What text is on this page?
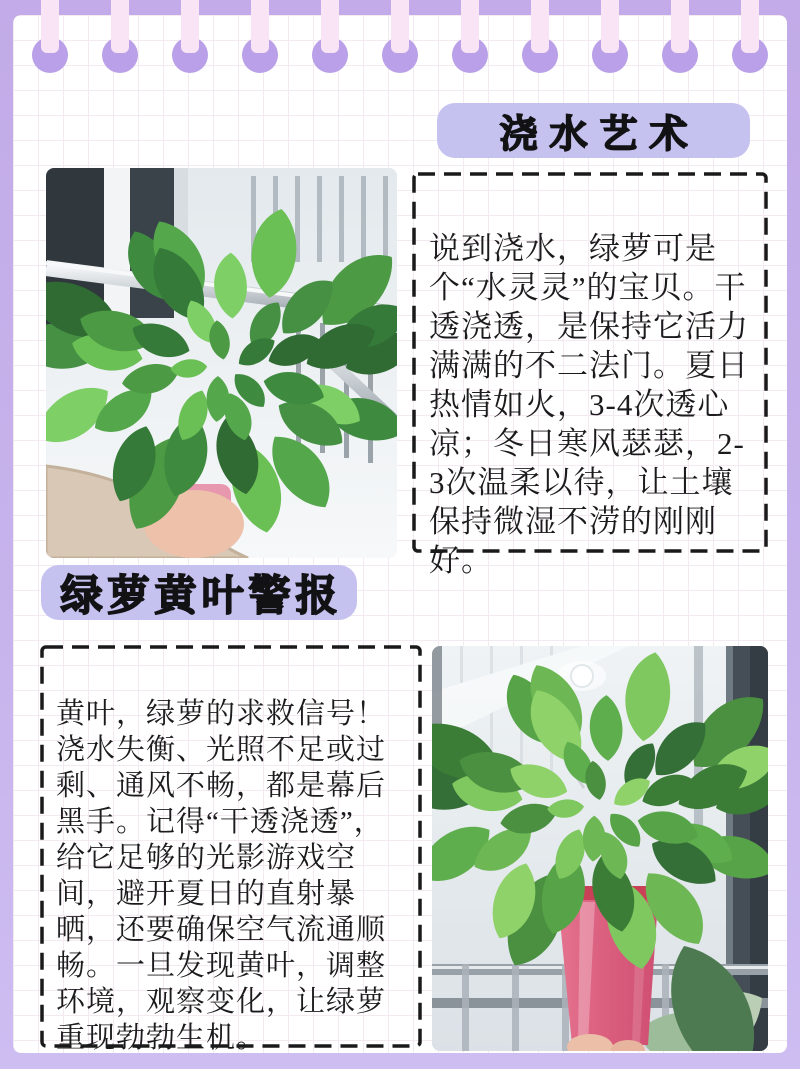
浇水艺术

说到浇水，绿萝可是个“水灵灵”的宝贝。干透浇透，是保持它活力满满的不二法门。夏日热情如火，3-4次透心凉；冬日寒风瑟瑟，2-3次温柔以待，让土壤保持微湿不涝的刚刚好。

绿萝黄叶警报

黄叶，绿萝的求救信号！浇水失衡、光照不足或过剩、通风不畅，都是幕后黑手。记得“干透浇透”，给它足够的光影游戏空间，避开夏日的直射暴晒，还要确保空气流通顺畅。一旦发现黄叶，调整环境，观察变化，让绿萝重现勃勃生机。
